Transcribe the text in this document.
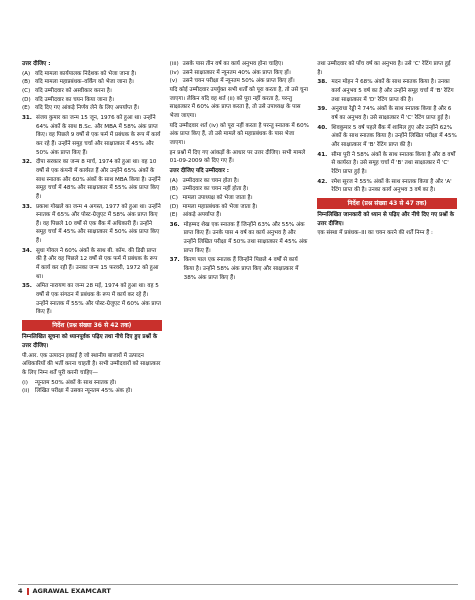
उत्तर दीजिए :

(A) यदि मामला कार्यपालक निदेशक को भेजा जाना है।
(B) यदि मामला महाप्रबंधक–वर्किंग को भेजा जाना है।
(C) यदि उम्मीदवार को अस्वीकार करना है।
(D) यदि उम्मीदवार का चयन किया जाना है।
(E) यदि दिए गए आंकड़े निर्णय लेने के लिए अपर्याप्त हैं।
31. संजय कुमार का जन्म 15 जून, 1976 को हुआ था। उन्होंने 64% अंकों के साथ B.Sc. और MBA में 58% अंक प्राप्त किए। वह पिछले 9 वर्षों से एक फर्म में प्रबंधक के रूप में कार्य कर रहे हैं। उन्होंने समूह चर्चा और साक्षात्कार में 45% और 50% अंक प्राप्त किए हैं।
32. दीपा सरकार का जन्म 8 मार्च, 1974 को हुआ था। वह 10 वर्षों से एक कंपनी में कार्यरत हैं और उन्होंने 65% अंकों के साथ स्नातक और 60% अंकों के साथ MBA किया है। उन्होंने समूह चर्चा में 48% और साक्षात्कार में 55% अंक प्राप्त किए हैं।
33. प्रकाश गोखले का जन्म 4 अगस्त, 1977 को हुआ था। उन्होंने स्नातक में 65% और पोस्ट-ग्रेजुएट में 58% अंक प्राप्त किए हैं। वह पिछले 10 वर्षों से एक बैंक में अधिकारी हैं। उन्होंने समूह चर्चा में 45% और साक्षात्कार में 50% अंक प्राप्त किए हैं।
34. सुधा गोयल ने 60% अंकों के साथ बी. कॉम. की डिग्री प्राप्त की है और वह पिछले 12 वर्षों से एक फर्म में प्रबंधक के रूप में कार्य कर रही हैं। उनका जन्म 15 फरवरी, 1972 को हुआ था।
35. अमित नारायण का जन्म 28 मई, 1974 को हुआ था। वह 5 वर्षों से एक संगठन में प्रबंधक के रूप में कार्य कर रहे हैं। उन्होंने स्नातक में 55% और पोस्ट-ग्रेजुएट में 60% अंक प्राप्त किए हैं।
निर्देश (प्रश्न संख्या 36 से 42 तक)

निम्नलिखित सूचना को ध्यानपूर्वक पढ़िए तथा नीचे दिए हुए प्रश्नों के उत्तर दीजिए।

पी.आर. एक उत्पादन इकाई है जो स्थानीय बाजारों में उत्पादन अधिकारियों की भर्ती करना चाहती है। सभी उम्मीदवारों को साक्षात्कार के लिए निम्न शर्तें पूरी करनी चाहिए—

(i)	न्यूनतम 50% अंकों के साथ स्नातक हो।
(ii) लिखित परीक्षा में उसका न्यूनतम 45% अंक हो।
(iii) उसके पास तीन वर्ष का कार्य अनुभव होना चाहिए।
(iv) उसने साक्षात्कार में न्यूनतम 40% अंक प्राप्त किए हों।
(v) उसने चयन परीक्षा में न्यूनतम 50% अंक प्राप्त किए हों।

यदि कोई उम्मीदवार उपर्युक्त सभी शर्तों को पूरा करता है, तो उसे चुना जाएगा। लेकिन यदि वह शर्त (ii) को पूरा नहीं करता है, परन्तु साक्षात्कार में 60% अंक प्राप्त करता है, तो उसे उपाध्यक्ष के पास भेजा जाएगा।

यदि उम्मीदवार शर्त (iv) को पूरा नहीं करता है परन्तु स्नातक में 60% अंक प्राप्त किए हैं, तो उसे मामले को महाप्रबंधक के पास भेजा जाएगा।

इन प्रश्नों में दिए गए आंकड़ों के आधार पर उत्तर दीजिए। सभी मामले 01-09-2009 को दिए गए हैं।

उत्तर दीजिए यदि उम्मीदवार :

(A) उम्मीदवार का चयन होता है।
(B) उम्मीदवार का चयन नहीं होता है।
(C) मामला उपाध्यक्ष को भेजा जाता है।
(D) मामला महाप्रबंधक को भेजा जाता है।
(E) आंकड़े अपर्याप्त हैं।
36. मोहम्मद शेख एक स्नातक हैं जिन्होंने 63% और 55% अंक प्राप्त किए हैं। उनके पास 4 वर्ष का कार्य अनुभव है और उन्होंने लिखित परीक्षा में 50% तथा साक्षात्कार में 45% अंक प्राप्त किए हैं।
37. किरण पाल एक स्नातक हैं जिन्होंने पिछले 4 वर्षों से कार्य किया है। उन्होंने 58% अंक प्राप्त किए और साक्षात्कार में 38% अंक प्राप्त किए हैं।

तथा उम्मीदवार को पाँच वर्ष का अनुभव है। उसे 'C' रेटिंग प्राप्त हुई है।

38. मदन मोहन ने 68% अंकों के साथ स्नातक किया है। उनका कार्य अनुभव 5 वर्ष का है और उन्होंने समूह चर्चा में 'B' रेटिंग तथा साक्षात्कार में 'D' रेटिंग प्राप्त की है।
39. अनुराधा रेड्डी ने 74% अंकों के साथ स्नातक किया है और 6 वर्ष का अनुभव है। उसे साक्षात्कार में 'C' रेटिंग प्राप्त हुई है।
40. शिवकुमार 5 वर्ष पहले बैंक में शामिल हुए और उन्होंने 62% अंकों के साथ स्नातक किया है। उन्होंने लिखित परीक्षा में 45% और साक्षात्कार में 'B' रेटिंग प्राप्त की है।
41. सीमा पुरी ने 58% अंकों के साथ स्नातक किया है और 8 वर्षों से कार्यरत है। उसे समूह चर्चा में 'B' तथा साक्षात्कार में 'C' रेटिंग प्राप्त हुई है।
42. रमेश सूरज ने 55% अंकों के साथ स्नातक किया है और 'A' रेटिंग प्राप्त की है। उनका कार्य अनुभव 3 वर्ष का है।
निर्देश (प्रश्न संख्या 43 से 47 तक)

निम्नलिखित जानकारी को ध्यान से पढ़िए और नीचे दिए गए प्रश्नों के उत्तर दीजिए।

एक संस्था में प्रबंधक–III का चयन करने की शर्तें निम्न हैं :

4 AGRAWAL EXAMCART
